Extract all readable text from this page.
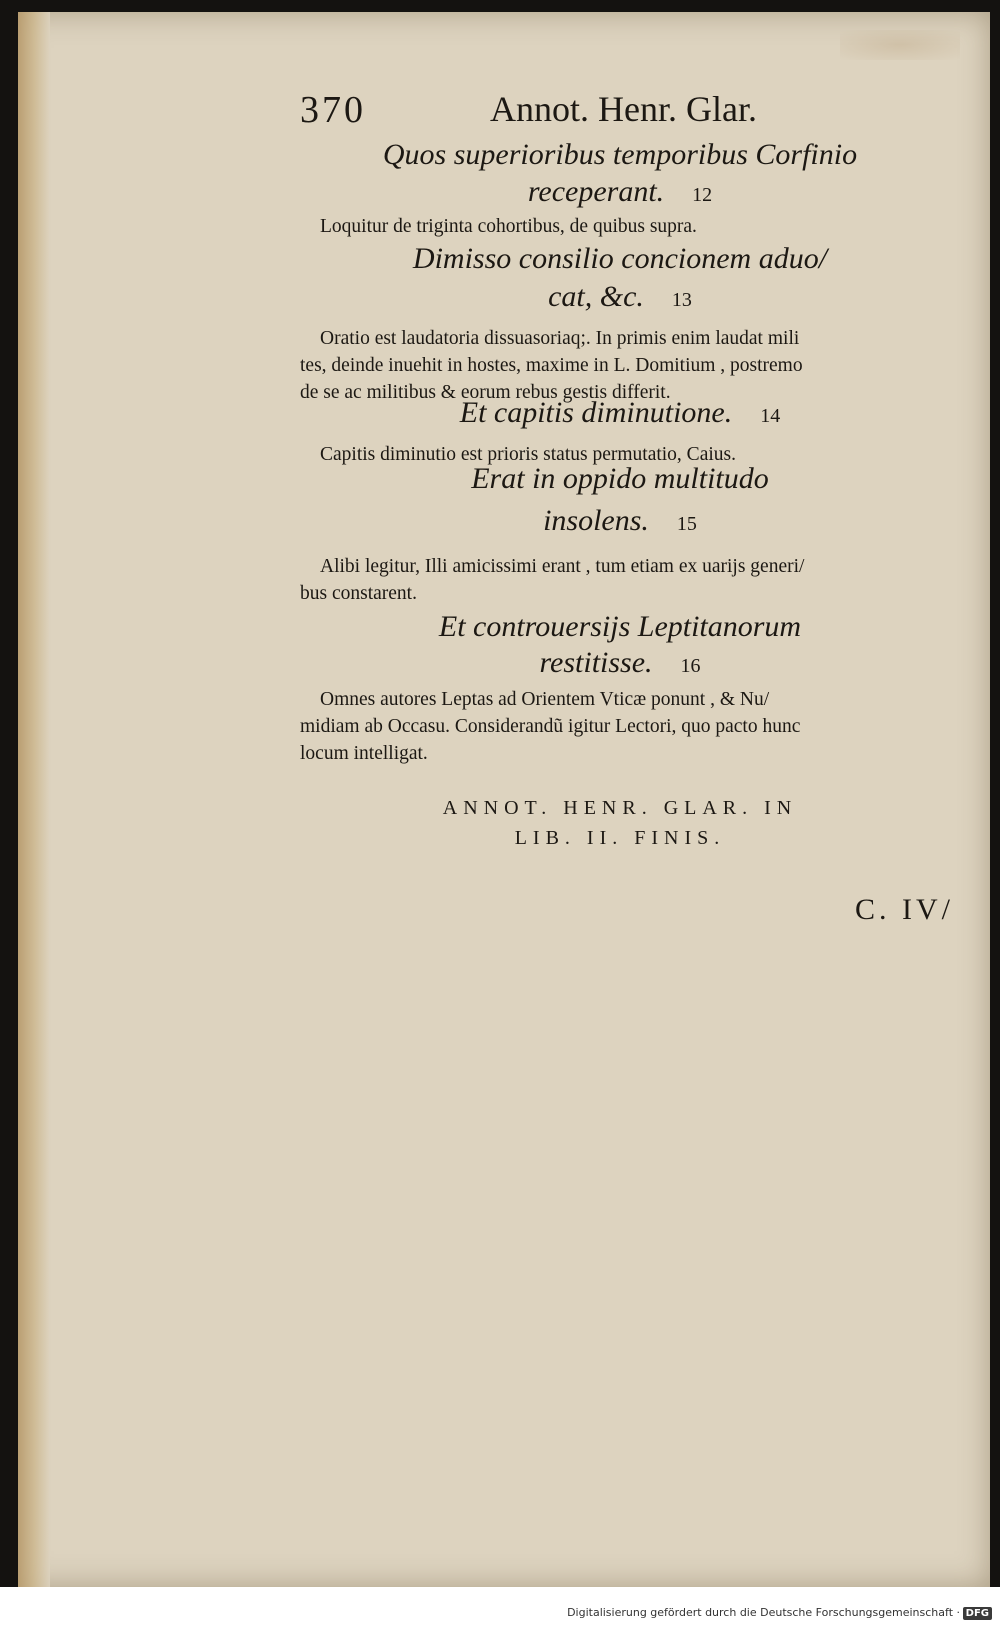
370	Annot. Henr. Glar.
Quos superioribus temporibus Corfinio
receperant. 12
Loquitur de triginta cohortibus, de quibus supra.
Dimisso consilio concionem aduo/
cat, &c. 13
Oratio est laudatoria dissuasoriaq;. In primis enim laudat mili
tes, deinde inuehit in hostes, maxime in L. Domitium , postremo
de se ac militibus & eorum rebus gestis differit.
Et capitis diminutione. 14
Capitis diminutio est prioris status permutatio, Caius.
Erat in oppido multitudo
insolens. 15
Alibi legitur, Illi amicissimi erant , tum etiam ex uarijs generi/
bus constarent.
Et controuersijs Leptitanorum
restitisse. 16
Omnes autores Leptas ad Orientem Vticæ ponunt , & Nu/
midiam ab Occasu. Considerandũ igitur Lectori, quo pacto hunc
locum intelligat.
ANNOT. HENR. GLAR. IN
LIB. II. FINIS.
C. IV/
Digitalisierung gefördert durch die Deutsche Forschungsgemeinschaft · DFG
